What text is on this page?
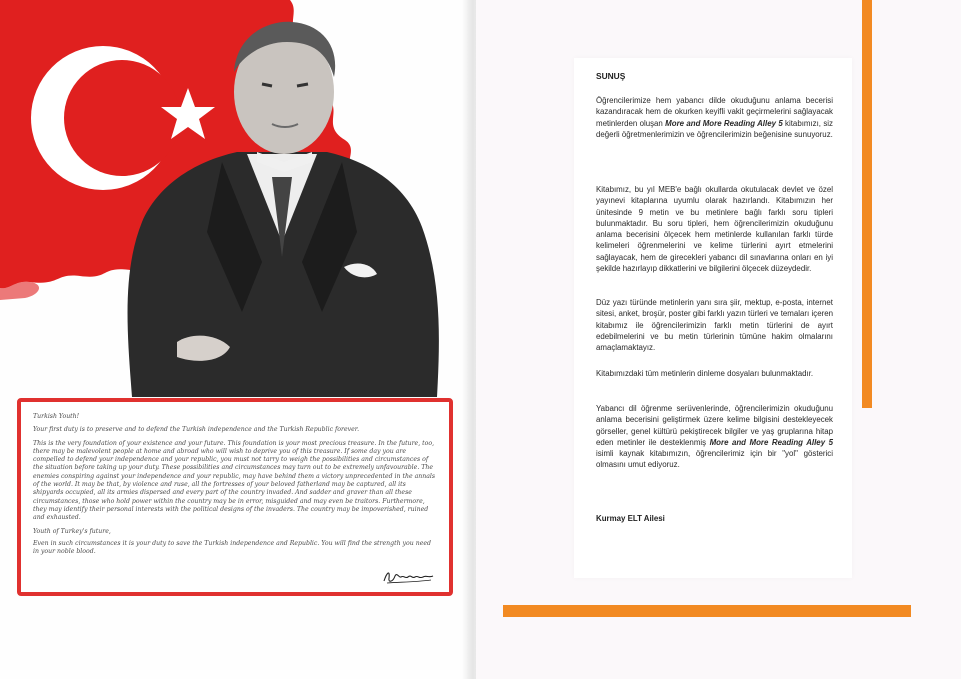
Turkish Youth!

Your first duty is to preserve and to defend the Turkish independence and the Turkish Republic forever.

This is the very foundation of your existence and your future. This foundation is your most precious treasure. In the future, too, there may be malevolent people at home and abroad who will wish to deprive you of this treasure. If some day you are compelled to defend your independence and your republic, you must not tarry to weigh the possibilities and circumstances of the situation before taking up your duty. These possibilities and circumstances may turn out to be extremely unfavourable. The enemies conspiring against your independence and your republic, may have behind them a victory unprecedented in the annals of the world. It may be that, by violence and ruse, all the fortresses of your beloved fatherland may be captured, all its shipyards occupied, all its armies dispersed and every part of the country invaded. And sadder and graver than all these circumstances, those who hold power within the country may be in error, misguided and may even be traitors. Furthermore, they may identify their personal interests with the political designs of the invaders. The country may be impoverished, ruined and exhausted.

Youth of Turkey's future,

Even in such circumstances it is your duty to save the Turkish independence and Republic. You will find the strength you need in your noble blood.

SUNUŞ

Öğrencilerimize hem yabancı dilde okuduğunu anlama becerisi kazandıracak hem de okurken keyifli vakit geçirmelerini sağlayacak metinlerden oluşan More and More Reading Alley 5 kitabımızı, siz değerli öğretmenlerimizin ve öğrencilerimizin beğenisine sunuyoruz.

Kitabımız, bu yıl MEB'e bağlı okullarda okutulacak devlet ve özel yayınevi kitaplarına uyumlu olarak hazırlandı. Kitabımızın her ünitesinde 9 metin ve bu metinlere bağlı farklı soru tipleri bulunmaktadır. Bu soru tipleri, hem öğrencilerimizin okuduğunu anlama becerisini ölçecek hem metinlerde kullanılan farklı türde kelimeleri öğrenmelerini ve kelime türlerini ayırt etmelerini sağlayacak, hem de girecekleri yabancı dil sınavlarına onları en iyi şekilde hazırlayıp dikkatlerini ve bilgilerini ölçecek düzeydedir.

Düz yazı türünde metinlerin yanı sıra şiir, mektup, e-posta, internet sitesi, anket, broşür, poster gibi farklı yazın türleri ve temaları içeren kitabımız ile öğrencilerimizin farklı metin türlerini de ayırt edebilmelerini ve bu metin türlerinin tümüne hakim olmalarını amaçlamaktayız.

Kitabımızdaki tüm metinlerin dinleme dosyaları bulunmaktadır.

Yabancı dil öğrenme serüvenlerinde, öğrencilerimizin okuduğunu anlama becerisini geliştirmek üzere kelime bilgisini destekleyecek görseller, genel kültürü pekiştirecek bilgiler ve yaş gruplarına hitap eden metinler ile desteklenmiş More and More Reading Alley 5 isimli kaynak kitabımızın, öğrencilerimiz için bir "yol" gösterici olmasını umut ediyoruz.

Kurmay ELT Ailesi
